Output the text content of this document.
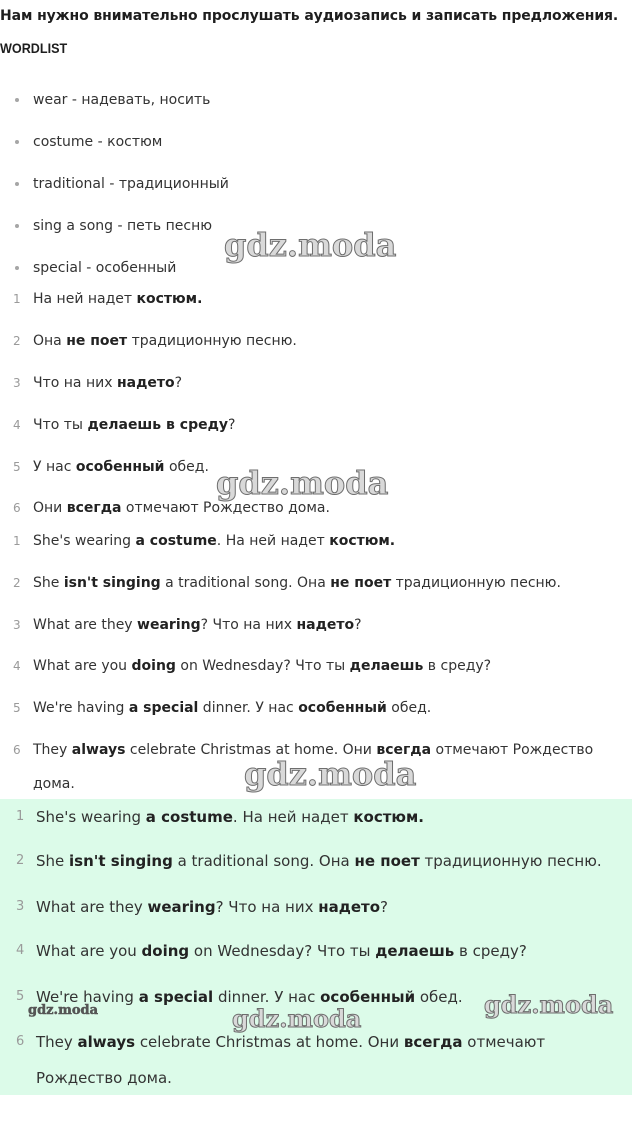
Нам нужно внимательно прослушать аудиозапись и записать предложения.
WORDLIST
wear - надевать, носить
costume - костюм
traditional - традиционный
sing a song - петь песню
special - особенный
1 На ней надет костюм.
2 Она не поет традиционную песню.
3 Что на них надето?
4 Что ты делаешь в среду?
5 У нас особенный обед.
6 Они всегда отмечают Рождество дома.
1 She's wearing a costume. На ней надет костюм.
2 She isn't singing a traditional song. Она не поет традиционную песню.
3 What are they wearing? Что на них надето?
4 What are you doing on Wednesday? Что ты делаешь в среду?
5 We're having a special dinner. У нас особенный обед.
6 They always celebrate Christmas at home. Они всегда отмечают Рождество дома.
1 She's wearing a costume. На ней надет костюм.
2 She isn't singing a traditional song. Она не поет традиционную песню.
3 What are they wearing? Что на них надето?
4 What are you doing on Wednesday? Что ты делаешь в среду?
5 We're having a special dinner. У нас особенный обед.
6 They always celebrate Christmas at home. Они всегда отмечают Рождество дома.
gdz.moda
gdz.moda
gdz.moda
gdz.moda
gdz.moda
gdz.moda
